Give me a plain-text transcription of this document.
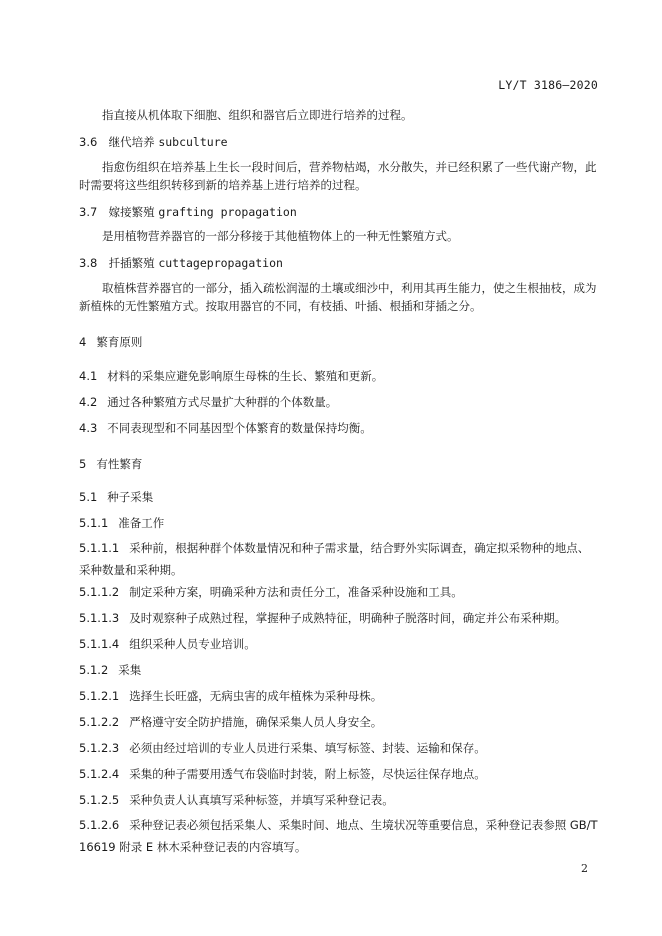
LY/T 3186—2020
指直接从机体取下细胞、组织和器官后立即进行培养的过程。
3.6 继代培养 subculture
指愈伤组织在培养基上生长一段时间后，营养物枯竭，水分散失，并已经积累了一些代谢产物，此
时需要将这些组织转移到新的培养基上进行培养的过程。
3.7 嫁接繁殖 grafting propagation
是用植物营养器官的一部分移接于其他植物体上的一种无性繁殖方式。
3.8 扦插繁殖 cuttagepropagation
取植株营养器官的一部分，插入疏松润湿的土壤或细沙中，利用其再生能力，使之生根抽枝，成为
新植株的无性繁殖方式。按取用器官的不同，有枝插、叶插、根插和芽插之分。
4 繁育原则
4.1 材料的采集应避免影响原生母株的生长、繁殖和更新。
4.2 通过各种繁殖方式尽量扩大种群的个体数量。
4.3 不同表现型和不同基因型个体繁育的数量保持均衡。
5 有性繁育
5.1 种子采集
5.1.1 准备工作
5.1.1.1 采种前，根据种群个体数量情况和种子需求量，结合野外实际调查，确定拟采物种的地点、采种数量和采种期。
5.1.1.2 制定采种方案，明确采种方法和责任分工，准备采种设施和工具。
5.1.1.3 及时观察种子成熟过程，掌握种子成熟特征，明确种子脱落时间，确定并公布采种期。
5.1.1.4 组织采种人员专业培训。
5.1.2 采集
5.1.2.1 选择生长旺盛，无病虫害的成年植株为采种母株。
5.1.2.2 严格遵守安全防护措施，确保采集人员人身安全。
5.1.2.3 必须由经过培训的专业人员进行采集、填写标签、封装、运输和保存。
5.1.2.4 采集的种子需要用透气布袋临时封装，附上标签，尽快运往保存地点。
5.1.2.5 采种负责人认真填写采种标签，并填写采种登记表。
5.1.2.6 采种登记表必须包括采集人、采集时间、地点、生境状况等重要信息，采种登记表参照 GB/T 16619 附录 E 林木采种登记表的内容填写。
2
